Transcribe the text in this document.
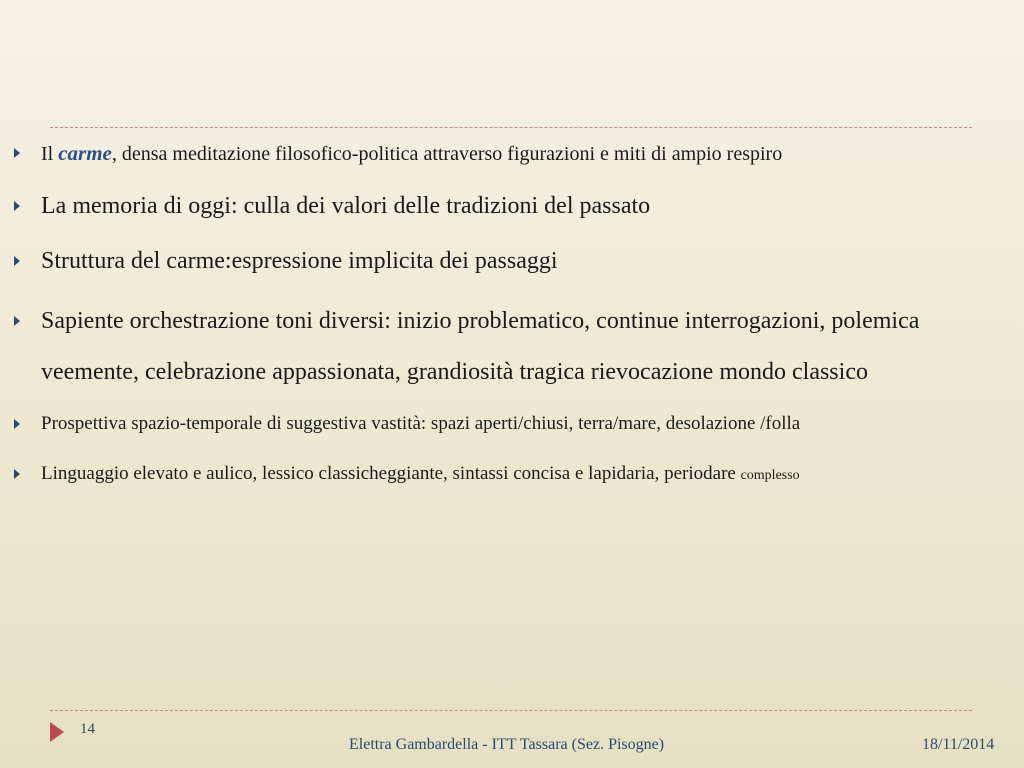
Il carme, densa meditazione filosofico-politica attraverso figurazioni e miti di ampio respiro
La memoria di oggi: culla dei valori delle tradizioni del passato
Struttura del carme:espressione implicita dei passaggi
Sapiente orchestrazione toni diversi: inizio problematico, continue interrogazioni, polemica veemente, celebrazione appassionata, grandiosità tragica rievocazione mondo classico
Prospettiva spazio-temporale di suggestiva vastità: spazi aperti/chiusi, terra/mare, desolazione /folla
Linguaggio elevato e aulico, lessico classicheggiante, sintassi concisa e lapidaria, periodare complesso
14
Elettra Gambardella - ITT Tassara (Sez. Pisogne)	18/11/2014
